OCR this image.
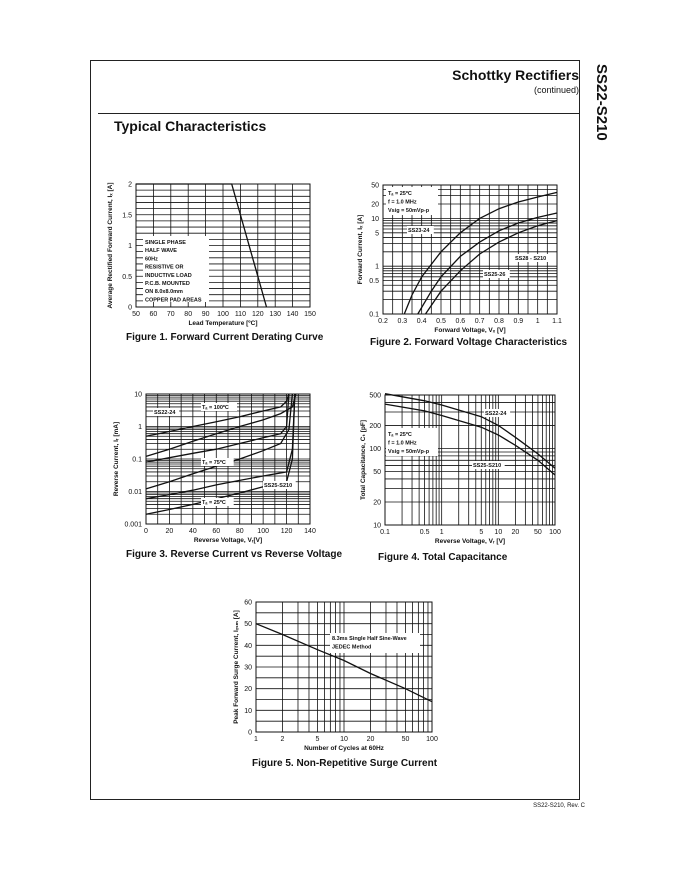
SS22-S210
Schottky Rectifiers
(continued)
Typical Characteristics
50 60 70 80 90 100 110 120 130 140 150
0
0.5
1
1.5
2
Lead Temperature [ºC]
Average Rectified Forward Current, Iₓ [A]	SINGLE PHASE
HALF WAVE
60Hz
RESISTIVE OR
INDUCTIVE LOAD
P.C.B. MOUNTED
ON 8.0x8.0mm
COPPER PAD AREAS
Figure 1. Forward Current Derating Curve
0.2 0.3 0.4 0.5 0.6 0.7 0.8 0.9 1 1.1
0.1
0.5
1
5
10
20
50
Forward Voltage, Vₓ [V]
Forward Current, Iₓ [A]
Tₐ = 25ºC
f = 1.0 MHz
Vsig = 50mVp-p
SS23-24
SS28 - S210
SS25-26
Figure 2. Forward Voltage Characteristics
0	20 40 60 80 100 120 140
0.001
0.01
0.1
1
10
Reverse Voltage, Vᵣ[V]
Reverse Current, Iᵣ [mA]
Tₐ = 100ºC
SS22-24
Tₐ = 75ºC
SS25-S210
Tₐ = 25ºC
Figure 3. Reverse Current vs Reverse Voltage
0.1	0.5 1	5 10 20 50 100
10
20
50
100
200
500
Reverse Voltage, Vᵣ [V]
Total Capacitance, Cₜ [pF]	Tₐ = 25ºC
f = 1.0 MHz
Vsig = 50mVp-p
SS22-24
SS25-S210
Figure 4. Total Capacitance
1	2	5	10	20	50 100
0
10
20
30
40
50
60
Number of Cycles at 60Hz
Peak Forward Surge Current, Iₓₛₘ [A]	8.3ms Single Half Sine-Wave
JEDEC Method
Figure 5. Non-Repetitive Surge Current
SS22-S210, Rev. C
